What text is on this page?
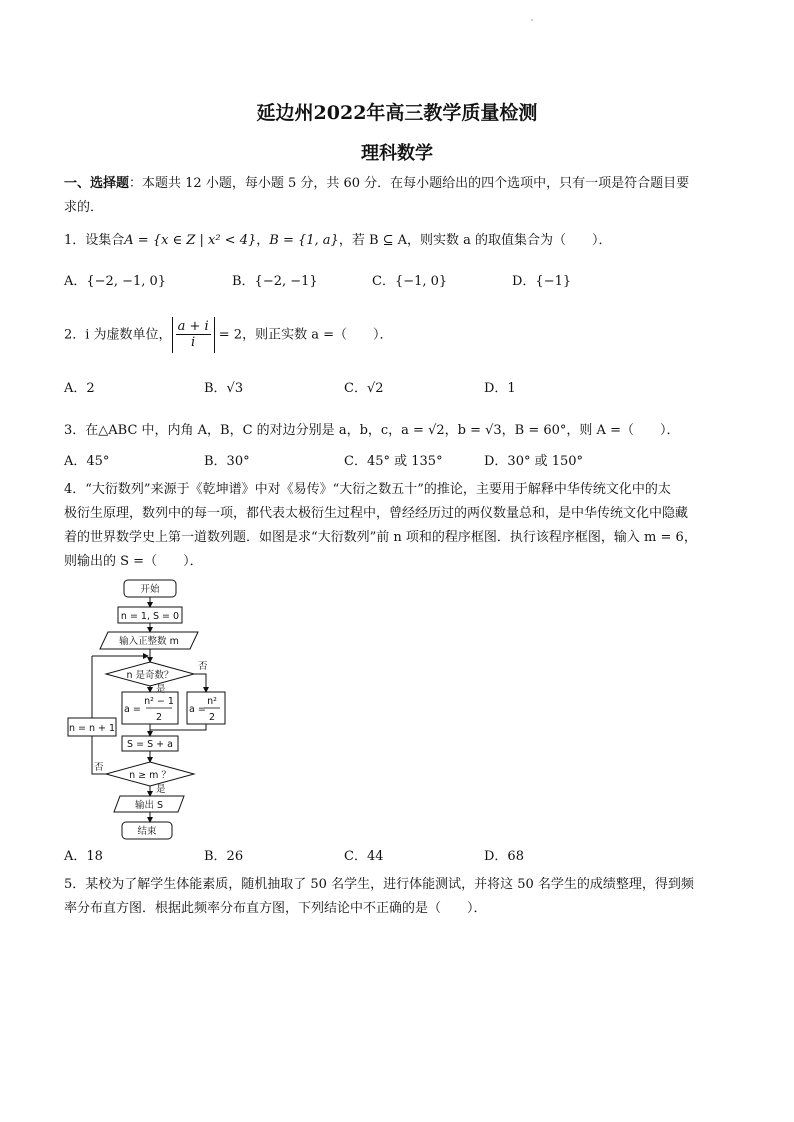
延边州2022年高三教学质量检测
理科数学
一、选择题：本题共 12 小题，每小题 5 分，共 60 分．在每小题给出的四个选项中，只有一项是符合题目要
求的．
1．设集合A = {x ∈ Z | x² < 4}，B = {1, a}，若 B ⊆ A，则实数 a 的取值集合为（　　）．
A．{−2, −1, 0}	B．{−2, −1}	C．{−1, 0}	D．{−1}
2．i 为虚数单位， $\frac{a + i}{i} = 2$，则正实数 a =（　　）．
A．2	B．√3	C．√2	D．1
3．在△ABC 中，内角 A，B，C 的对边分别是 a，b，c，a = √2，b = √3，B = 60°，则 A =（　　）．
A．45°	B．30°	C．45° 或 135°	D．30° 或 150°
4．“大衍数列”来源于《乾坤谱》中对《易传》“大衍之数五十”的推论，主要用于解释中华传统文化中的太
极衍生原理，数列中的每一项，都代表太极衍生过程中，曾经经历过的两仪数量总和，是中华传统文化中隐藏
着的世界数学史上第一道数列题．如图是求“大衍数列”前 n 项和的程序框图．执行该程序框图，输入 m = 6，
则输出的 S =（　　）．
开始
n = 1, S = 0
输入正整数 m
n 是奇数？
否
是
a =
n² − 1
2
a =
n²
2
n = n + 1
S = S + a
n ≥ m ？
否
是
输出 S
结束
A．18	B．26	C．44	D．68
5．某校为了解学生体能素质，随机抽取了 50 名学生，进行体能测试，并将这 50 名学生的成绩整理，得到频
率分布直方图．根据此频率分布直方图，下列结论中不正确的是（　　）．
